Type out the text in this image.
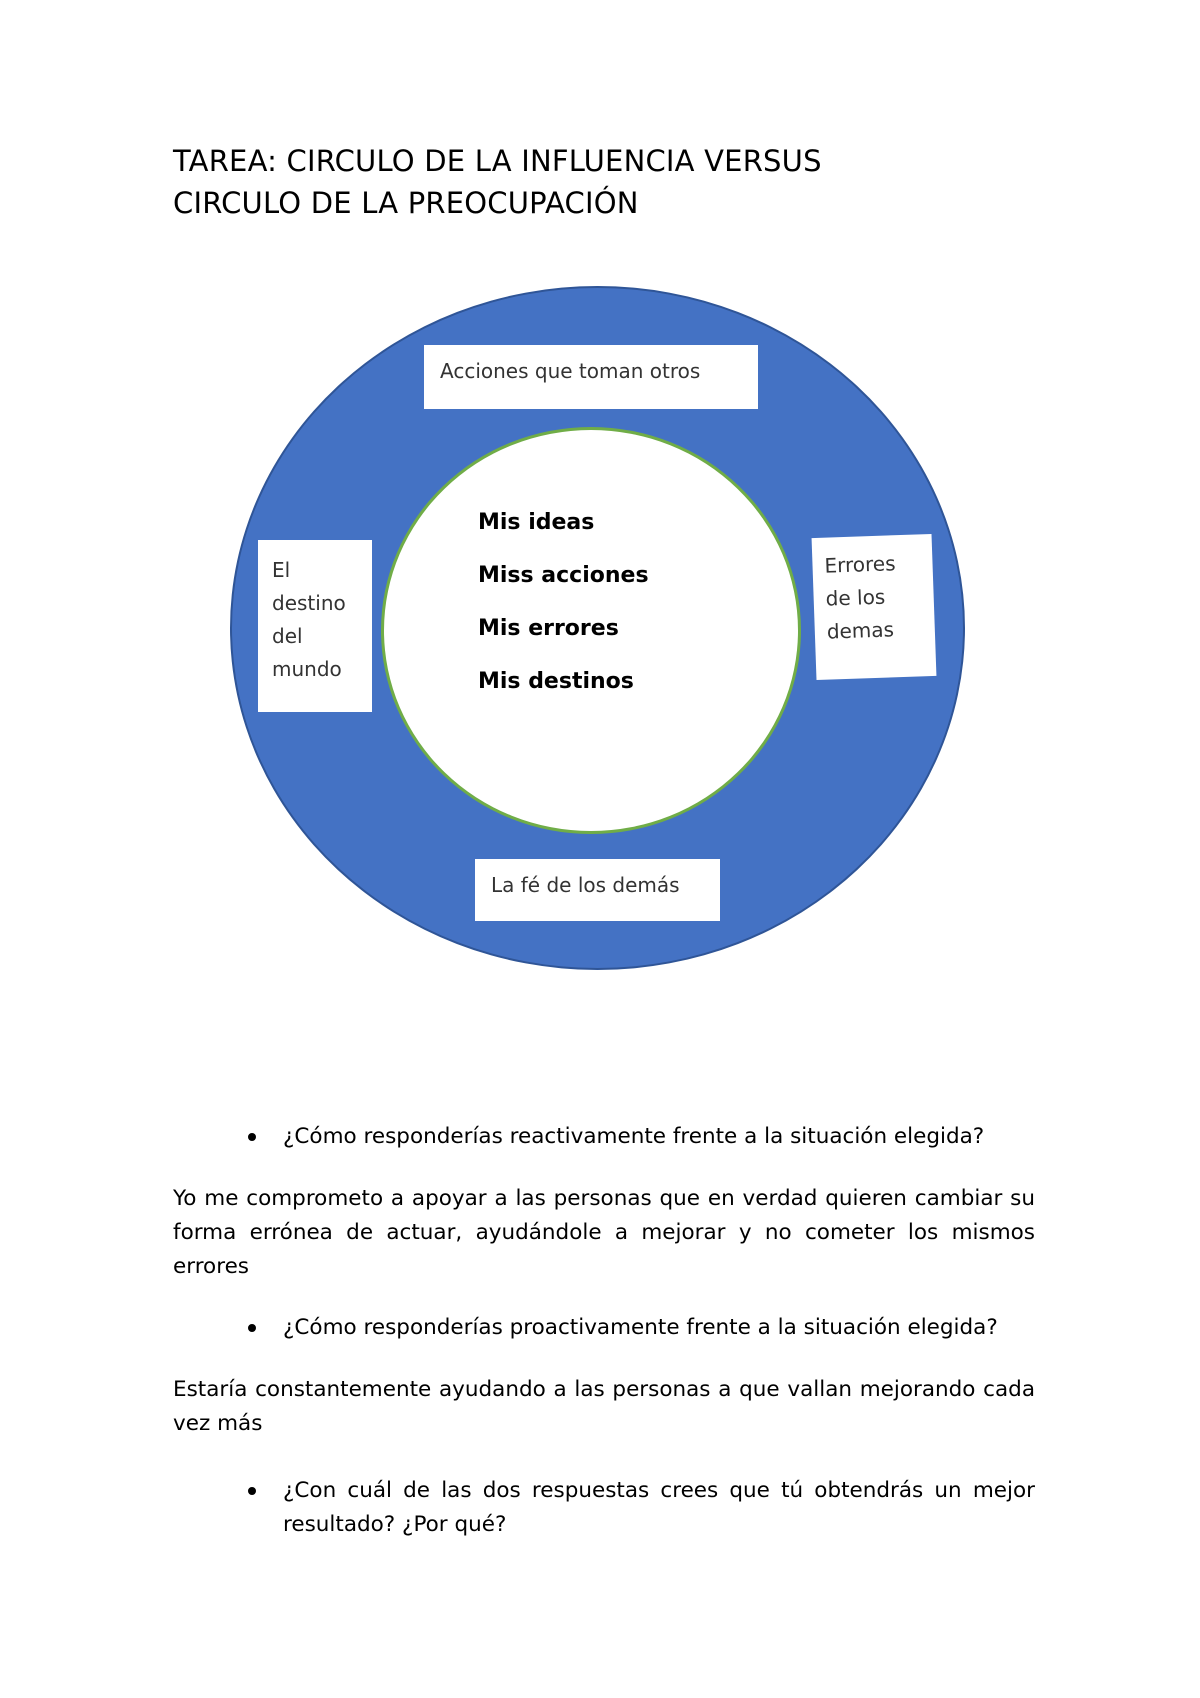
TAREA: CIRCULO DE LA INFLUENCIA VERSUS
CIRCULO DE LA PREOCUPACIÓN
Mis ideas
Miss acciones
Mis errores
Mis destinos
Acciones que toman otros
El destino del mundo
Errores de los demas
La fé de los demás
¿Cómo responderías reactivamente frente a la situación elegida?

Yo me comprometo a apoyar a las personas que en verdad quieren cambiar su forma errónea de actuar, ayudándole a mejorar y no cometer los mismos errores

¿Cómo responderías proactivamente frente a la situación elegida?

Estaría constantemente ayudando a las personas a que vallan mejorando cada vez más

¿Con cuál de las dos respuestas crees que tú obtendrás un mejor resultado? ¿Por qué?
